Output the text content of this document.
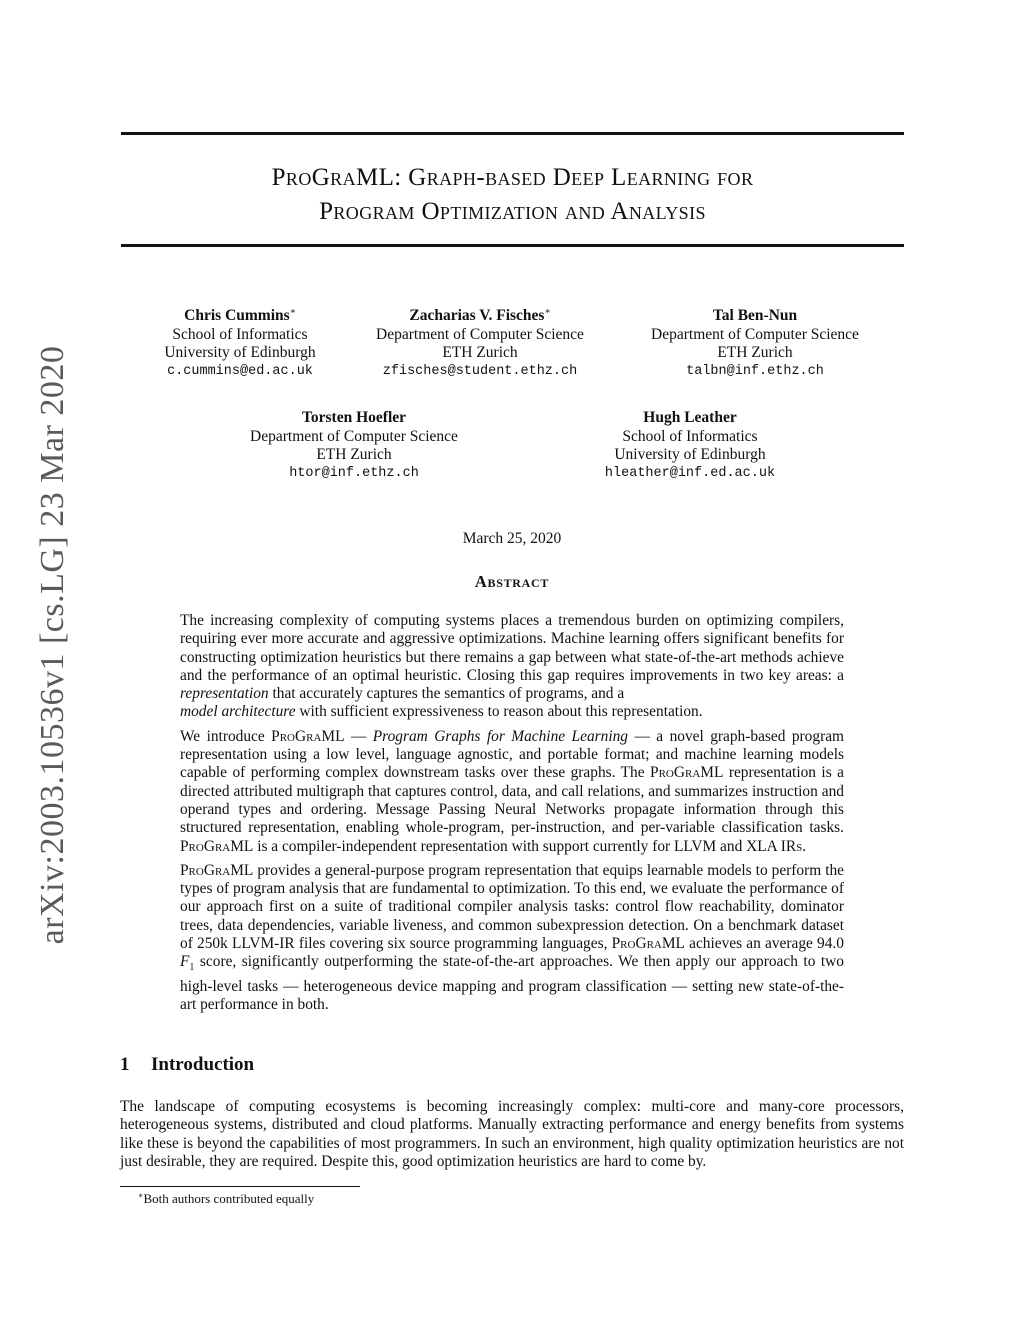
arXiv:2003.10536v1 [cs.LG] 23 Mar 2020
ProGraML: Graph-based Deep Learning for
Program Optimization and Analysis
Chris Cummins∗
School of Informatics
University of Edinburgh
c.cummins@ed.ac.uk
Zacharias V. Fisches∗
Department of Computer Science
ETH Zurich
zfisches@student.ethz.ch
Tal Ben-Nun
Department of Computer Science
ETH Zurich
talbn@inf.ethz.ch
Torsten Hoefler
Department of Computer Science
ETH Zurich
htor@inf.ethz.ch
Hugh Leather
School of Informatics
University of Edinburgh
hleather@inf.ed.ac.uk
March 25, 2020
Abstract

The increasing complexity of computing systems places a tremendous burden on optimizing compilers, requiring ever more accurate and aggressive optimizations. Machine learning offers significant benefits for constructing optimization heuristics but there remains a gap between what state-of-the-art methods achieve and the performance of an optimal heuristic. Closing this gap requires improvements in two key areas: a representation that accurately captures the semantics of programs, and a
model architecture with sufficient expressiveness to reason about this representation.

We introduce ProGraML — Program Graphs for Machine Learning — a novel graph-based program representation using a low level, language agnostic, and portable format; and machine learning models capable of performing complex downstream tasks over these graphs. The ProGraML representation is a directed attributed multigraph that captures control, data, and call relations, and summarizes instruction and operand types and ordering. Message Passing Neural Networks propagate information through this structured representation, enabling whole-program, per-instruction, and per-variable classification tasks. ProGraML is a compiler-independent representation with support currently for LLVM and XLA IRs.

ProGraML provides a general-purpose program representation that equips learnable models to perform the types of program analysis that are fundamental to optimization. To this end, we evaluate the performance of our approach first on a suite of traditional compiler analysis tasks: control flow reachability, dominator trees, data dependencies, variable liveness, and common subexpression detection. On a benchmark dataset of 250k LLVM-IR files covering six source programming languages, ProGraML achieves an average 94.0 $F_1$ score, significantly outperforming the state-of-the-art approaches. We then apply our approach to two high-level tasks — heterogeneous device mapping and program classification — setting new state-of-the-art performance in both.

1 Introduction

The landscape of computing ecosystems is becoming increasingly complex: multi-core and many-core processors, heterogeneous systems, distributed and cloud platforms. Manually extracting performance and energy benefits from systems like these is beyond the capabilities of most programmers. In such an environment, high quality optimization heuristics are not just desirable, they are required. Despite this, good optimization heuristics are hard to come by.

∗Both authors contributed equally
